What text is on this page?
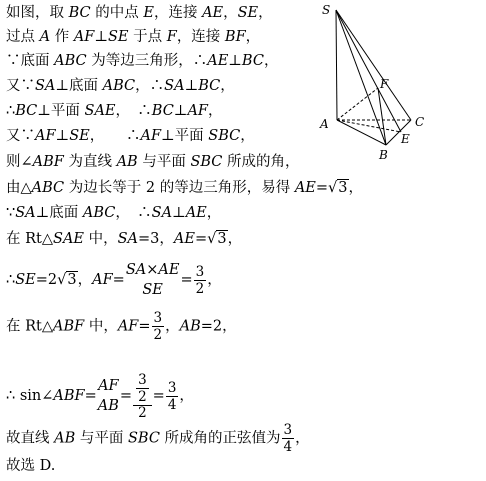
如图，取 BC 的中点 E，连接 AE，SE，
过点 A 作 AF⊥SE 于点 F，连接 BF，
∵底面 ABC 为等边三角形，∴AE⊥BC，
又∵SA⊥底面 ABC，∴SA⊥BC，
∴BC⊥平面 SAE，　∴BC⊥AF，
又∵AF⊥SE，　　∴AF⊥平面 SBC，
则∠ABF 为直线 AB 与平面 SBC 所成的角，
由△ABC 为边长等于 2 的等边三角形，易得 AE=√3，
∵SA⊥底面 ABC，　∴SA⊥AE，
在 Rt△SAE 中，SA=3，AE=√3，
∴SE=2√3，AF=
SA×AE
SE
= $\frac{3}{2}$ ，
在 Rt△ABF 中，$AF= \frac{3}{2}$ ，AB=2，
∴ sin∠ABF=
AF
AB
= $\frac{\frac{3}{2}}{2} = \frac{3}{4}$ ，
故直线 AB 与平面 SBC 所成角的正弦值为 $\frac{3}{4}$ ，
故选 D.
S
A
B
C
E
F
